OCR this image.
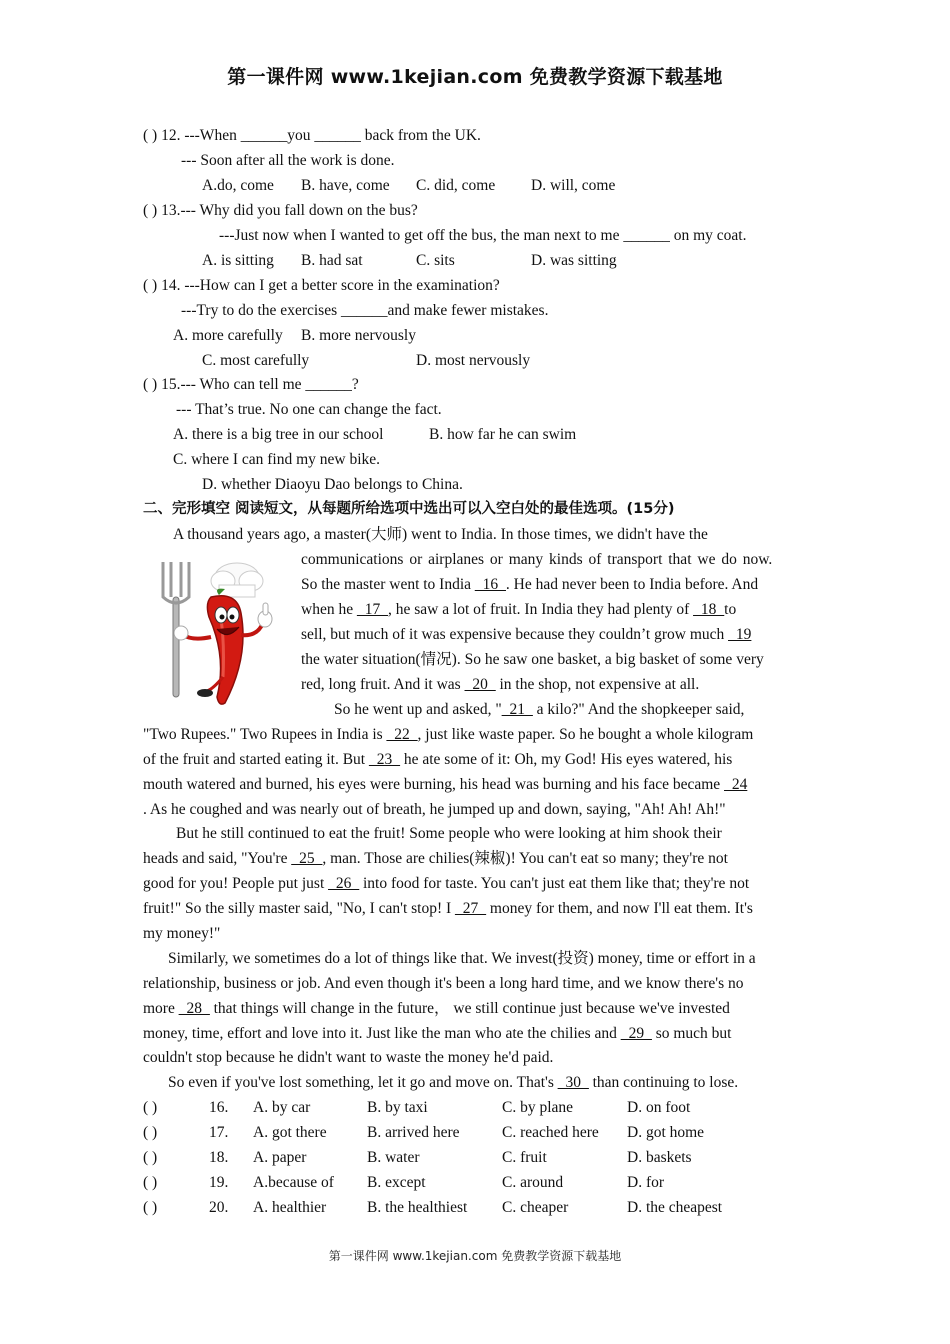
第一课件网 www.1kejian.com 免费教学资源下载基地
( ) 12. ---When ______you ______ back from the UK.
--- Soon after all the work is done.
A.do, come B. have, come C. did, come D. will, come
( ) 13.--- Why did you fall down on the bus?
---Just now when I wanted to get off the bus, the man next to me ______ on my coat.
A. is sitting B. had sat	C. sits	D. was sitting
( ) 14. ---How can I get a better score in the examination?
---Try to do the exercises ______and make fewer mistakes.
A. more carefully B. more nervously
C. most carefully	D. most nervously
( ) 15.--- Who can tell me ______?
--- That’s true. No one can change the fact.
A. there is a big tree in our school	B. how far he can swim
C. where I can find my new bike.
D. whether Diaoyu Dao belongs to China.
二、完形填空 阅读短文，从每题所给选项中选出可以入空白处的最佳选项。(15分)
A thousand years ago, a master(大师) went to India. In those times, we didn't have the
communications or airplanes or many kinds of transport that we do now.
So the master went to India _16_. He had never been to India before. And
when he _17_, he saw a lot of fruit. In India they had plenty of _18_to
sell, but much of it was expensive because they couldn’t grow much _19
the water situation(情况). So he saw one basket, a big basket of some very
red, long fruit. And it was _20_ in the shop, not expensive at all.
So he went up and asked, "_21_ a kilo?" And the shopkeeper said,
"Two Rupees." Two Rupees in India is _22_, just like waste paper. So he bought a whole kilogram
of the fruit and started eating it. But _23_ he ate some of it: Oh, my God! His eyes watered, his
mouth watered and burned, his eyes were burning, his head was burning and his face became _24
. As he coughed and was nearly out of breath, he jumped up and down, saying, "Ah! Ah! Ah!"
But he still continued to eat the fruit! Some people who were looking at him shook their
heads and said, "You're _25_, man. Those are chilies(辣椒)! You can't eat so many; they're not
good for you! People put just _26_ into food for taste. You can't just eat them like that; they're not
fruit!" So the silly master said, "No, I can't stop! I _27_ money for them, and now I'll eat them. It's
my money!"
Similarly, we sometimes do a lot of things like that. We invest(投资) money, time or effort in a
relationship, business or job. And even though it's been a long hard time, and we know there's no
more _28_ that things will change in the future， we still continue just because we've invested
money, time, effort and love into it. Just like the man who ate the chilies and _29_ so much but
couldn't stop because he didn't want to waste the money he'd paid.
So even if you've lost something, let it go and move on. That's _30_ than continuing to lose.
( )	16. A. by car	B. by taxi	C. by plane	D. on foot
( )	17. A. got there	B. arrived here	C. reached here D. got home
( )	18. A. paper	B. water	C. fruit	D. baskets
( )	19. A.because of B. except	C. around	D. for
( )	20. A. healthier	B. the healthiest C. cheaper	D. the cheapest
第一课件网 www.1kejian.com 免费教学资源下载基地
